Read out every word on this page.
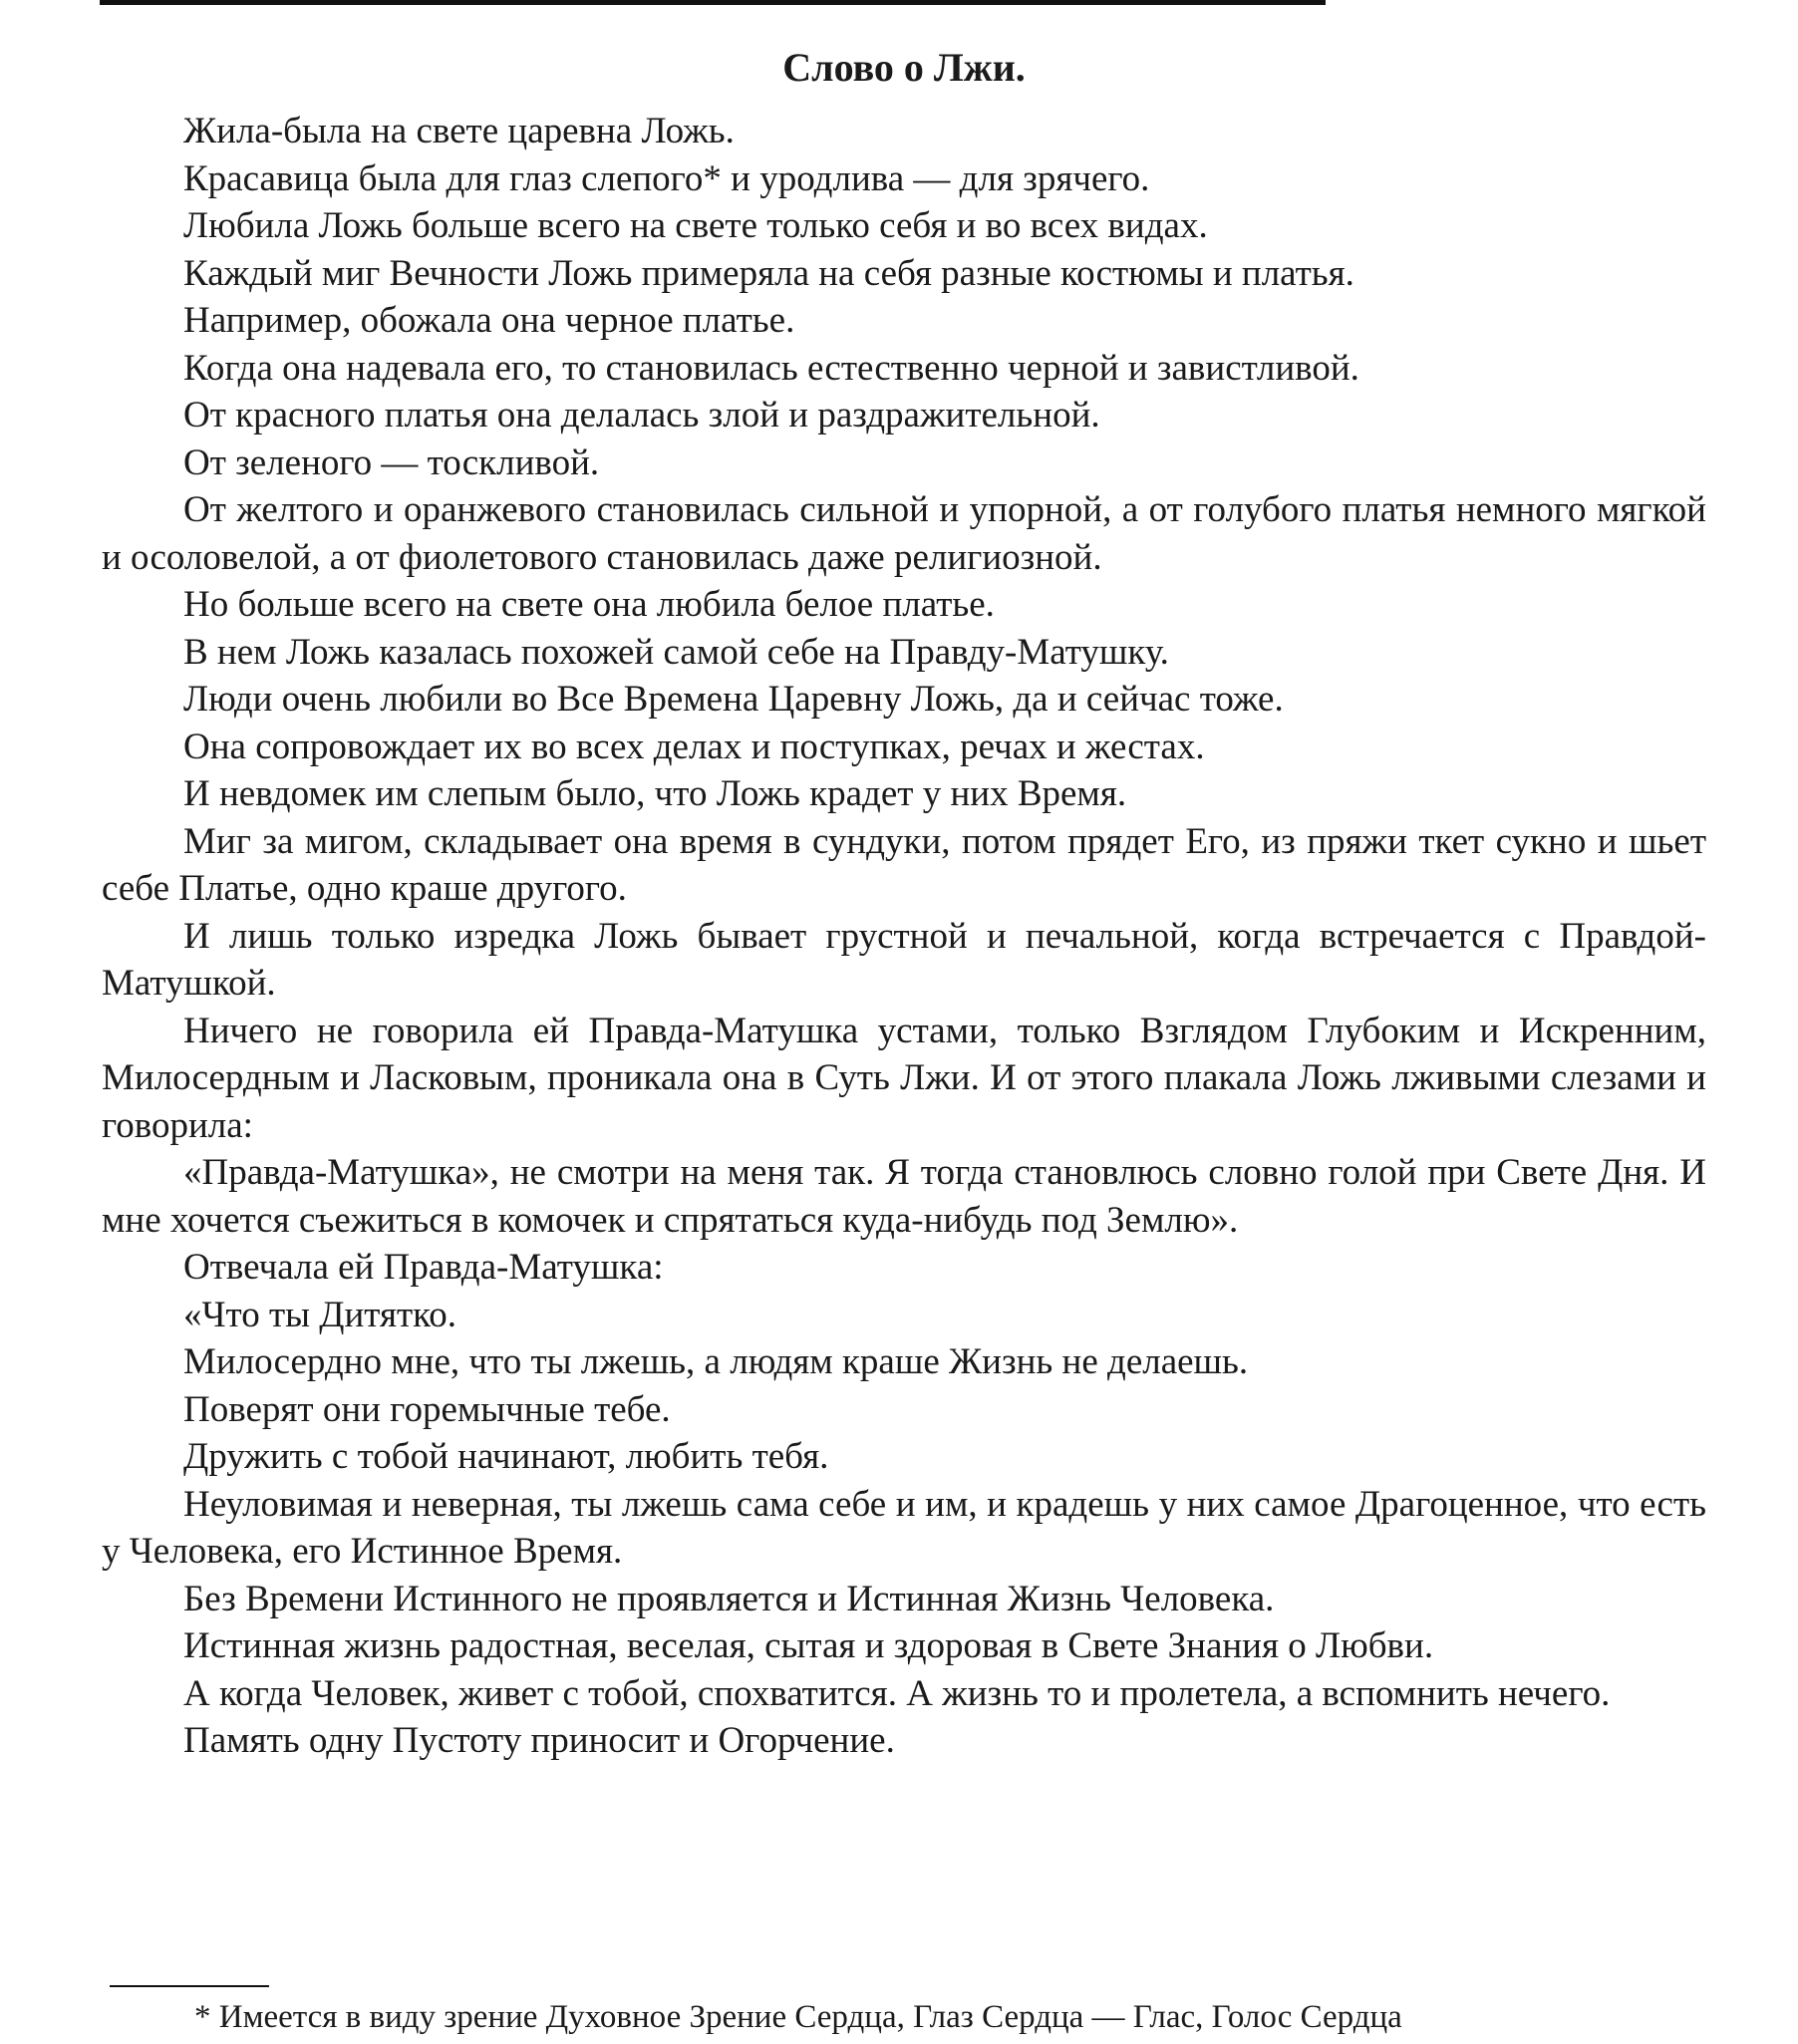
Слово о Лжи.

Жила-была на свете царевна Ложь.

Красавица была для глаз слепого* и уродлива — для зрячего.

Любила Ложь больше всего на свете только себя и во всех видах.

Каждый миг Вечности Ложь примеряла на себя разные костюмы и платья.

Например, обожала она черное платье.

Когда она надевала его, то становилась естественно черной и завистливой.

От красного платья она делалась злой и раздражительной.

От зеленого — тоскливой.

От желтого и оранжевого становилась сильной и упорной, а от голубого платья немного мягкой и осоловелой, а от фиолетового становилась даже религиозной.

Но больше всего на свете она любила белое платье.

В нем Ложь казалась похожей самой себе на Правду-Матушку.

Люди очень любили во Все Времена Царевну Ложь, да и сейчас тоже.

Она сопровождает их во всех делах и поступках, речах и жестах.

И невдомек им слепым было, что Ложь крадет у них Время.

Миг за мигом, складывает она время в сундуки, потом прядет Его, из пряжи ткет сукно и шьет себе Платье, одно краше другого.

И лишь только изредка Ложь бывает грустной и печальной, когда встречается с Правдой-Матушкой.

Ничего не говорила ей Правда-Матушка устами, только Взглядом Глубоким и Искренним, Милосердным и Ласковым, проникала она в Суть Лжи. И от этого плакала Ложь лживыми слезами и говорила:

«Правда-Матушка», не смотри на меня так. Я тогда становлюсь словно голой при Свете Дня. И мне хочется съежиться в комочек и спрятаться куда-нибудь под Землю».

Отвечала ей Правда-Матушка:

«Что ты Дитятко.

Милосердно мне, что ты лжешь, а людям краше Жизнь не делаешь.

Поверят они горемычные тебе.

Дружить с тобой начинают, любить тебя.

Неуловимая и неверная, ты лжешь сама себе и им, и крадешь у них самое Драгоценное, что есть у Человека, его Истинное Время.

Без Времени Истинного не проявляется и Истинная Жизнь Человека.

Истинная жизнь радостная, веселая, сытая и здоровая в Свете Знания о Любви.

А когда Человек, живет с тобой, спохватится. А жизнь то и пролетела, а вспомнить нечего.

Память одну Пустоту приносит и Огорчение.

* Имеется в виду зрение Духовное Зрение Сердца, Глаз Сердца — Глас, Голос Сердца
